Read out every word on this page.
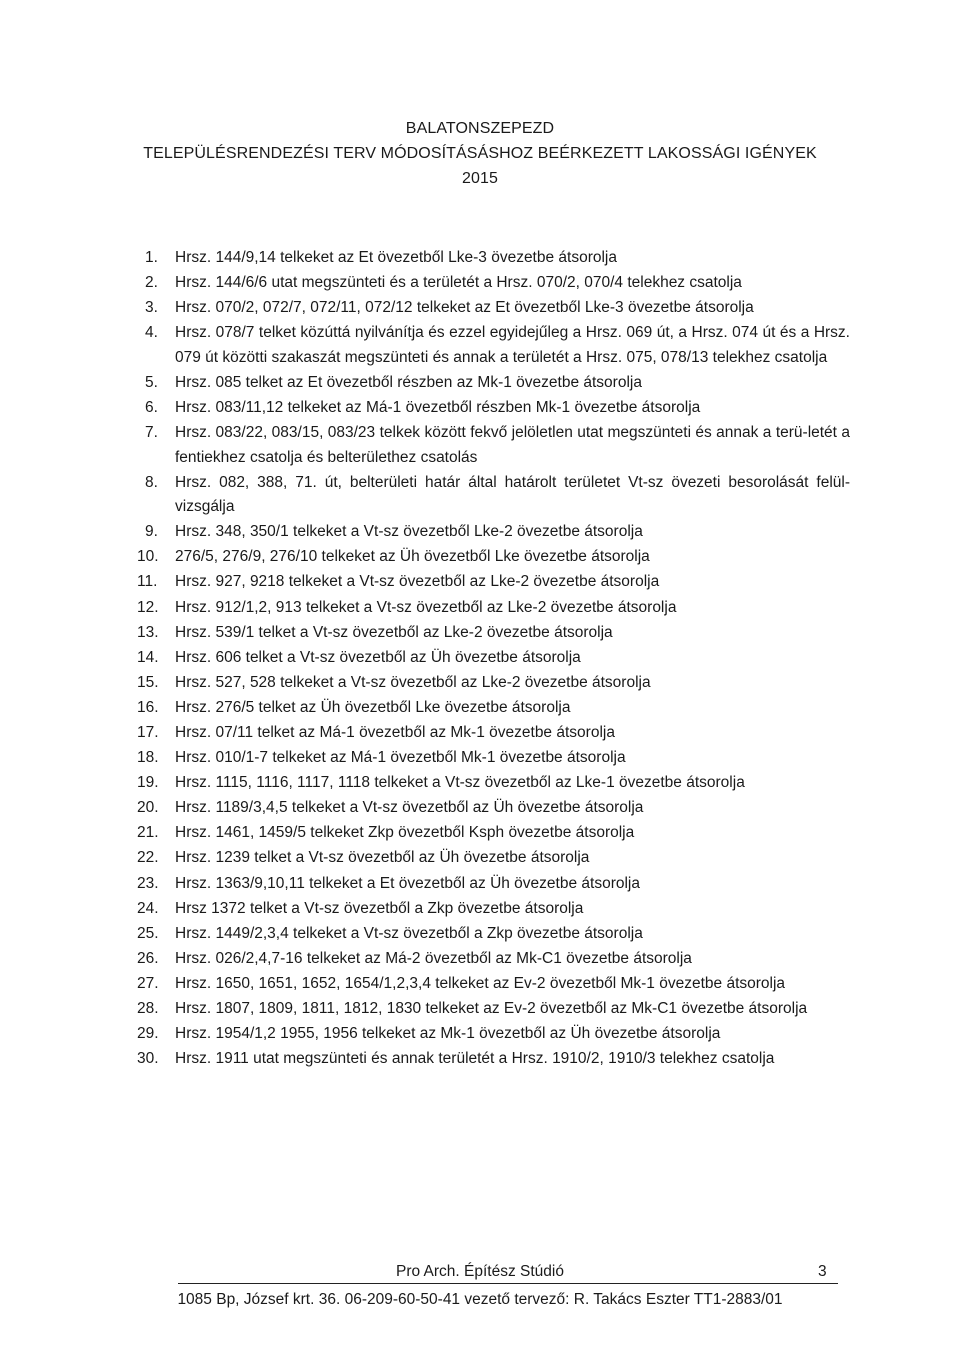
BALATONSZEPEZD
TELEPÜLÉSRENDEZÉSI TERV MÓDOSÍTÁSÁSHOZ BEÉRKEZETT LAKOSSÁGI IGÉNYEK
2015
1. Hrsz. 144/9,14 telkeket az Et övezetből Lke-3 övezetbe átsorolja
2. Hrsz. 144/6/6 utat megszünteti és a területét a Hrsz. 070/2, 070/4 telekhez csatolja
3. Hrsz. 070/2, 072/7, 072/11, 072/12 telkeket az Et övezetből Lke-3 övezetbe átsorolja
4. Hrsz. 078/7 telket közúttá nyilvánítja és ezzel egyidejűleg a Hrsz. 069 út, a Hrsz. 074 út és a Hrsz. 079 út közötti szakaszát megszünteti és annak a területét a Hrsz. 075, 078/13 telekhez csatolja
5. Hrsz. 085 telket az Et övezetből részben az Mk-1 övezetbe átsorolja
6. Hrsz. 083/11,12 telkeket az Má-1 övezetből részben Mk-1 övezetbe átsorolja
7. Hrsz. 083/22, 083/15, 083/23 telkek között fekvő jelöletlen utat megszünteti és annak a terü-letét a fentiekhez csatolja és belterülethez csatolás
8. Hrsz. 082, 388, 71. út, belterületi határ által határolt területet Vt-sz övezeti besorolását felül-vizsgálja
9. Hrsz. 348, 350/1 telkeket a Vt-sz övezetből Lke-2 övezetbe átsorolja
10. 276/5, 276/9, 276/10 telkeket az Üh övezetből Lke övezetbe átsorolja
11. Hrsz. 927, 9218 telkeket a Vt-sz övezetből az Lke-2 övezetbe átsorolja
12. Hrsz. 912/1,2, 913 telkeket a Vt-sz övezetből az Lke-2 övezetbe átsorolja
13. Hrsz. 539/1 telket a Vt-sz övezetből az Lke-2 övezetbe átsorolja
14. Hrsz. 606 telket a Vt-sz övezetből az Üh övezetbe átsorolja
15. Hrsz. 527, 528 telkeket a Vt-sz övezetből az Lke-2 övezetbe átsorolja
16. Hrsz. 276/5 telket az Üh övezetből Lke övezetbe átsorolja
17. Hrsz. 07/11 telket az Má-1 övezetből az Mk-1 övezetbe átsorolja
18. Hrsz. 010/1-7 telkeket az Má-1 övezetből Mk-1 övezetbe átsorolja
19. Hrsz. 1115, 1116, 1117, 1118 telkeket a Vt-sz övezetből az Lke-1 övezetbe átsorolja
20. Hrsz. 1189/3,4,5 telkeket a Vt-sz övezetből az Üh övezetbe átsorolja
21. Hrsz. 1461, 1459/5 telkeket Zkp övezetből Ksph övezetbe átsorolja
22. Hrsz. 1239 telket a Vt-sz övezetből az Üh övezetbe átsorolja
23. Hrsz. 1363/9,10,11 telkeket a Et övezetből az Üh övezetbe átsorolja
24. Hrsz 1372 telket a Vt-sz övezetből a Zkp övezetbe átsorolja
25. Hrsz. 1449/2,3,4 telkeket a Vt-sz övezetből a Zkp övezetbe átsorolja
26. Hrsz. 026/2,4,7-16 telkeket az Má-2 övezetből az Mk-C1 övezetbe átsorolja
27. Hrsz. 1650, 1651, 1652, 1654/1,2,3,4 telkeket az Ev-2 övezetből Mk-1 övezetbe átsorolja
28. Hrsz. 1807, 1809, 1811, 1812, 1830 telkeket az Ev-2 övezetből az Mk-C1 övezetbe átsorolja
29. Hrsz. 1954/1,2 1955, 1956 telkeket az Mk-1 övezetből az Üh övezetbe átsorolja
30. Hrsz. 1911 utat megszünteti és annak területét a Hrsz. 1910/2, 1910/3 telekhez csatolja
Pro Arch. Építész Stúdió	3
1085 Bp, József krt. 36. 06-209-60-50-41 vezető tervező: R. Takács Eszter TT1-2883/01
